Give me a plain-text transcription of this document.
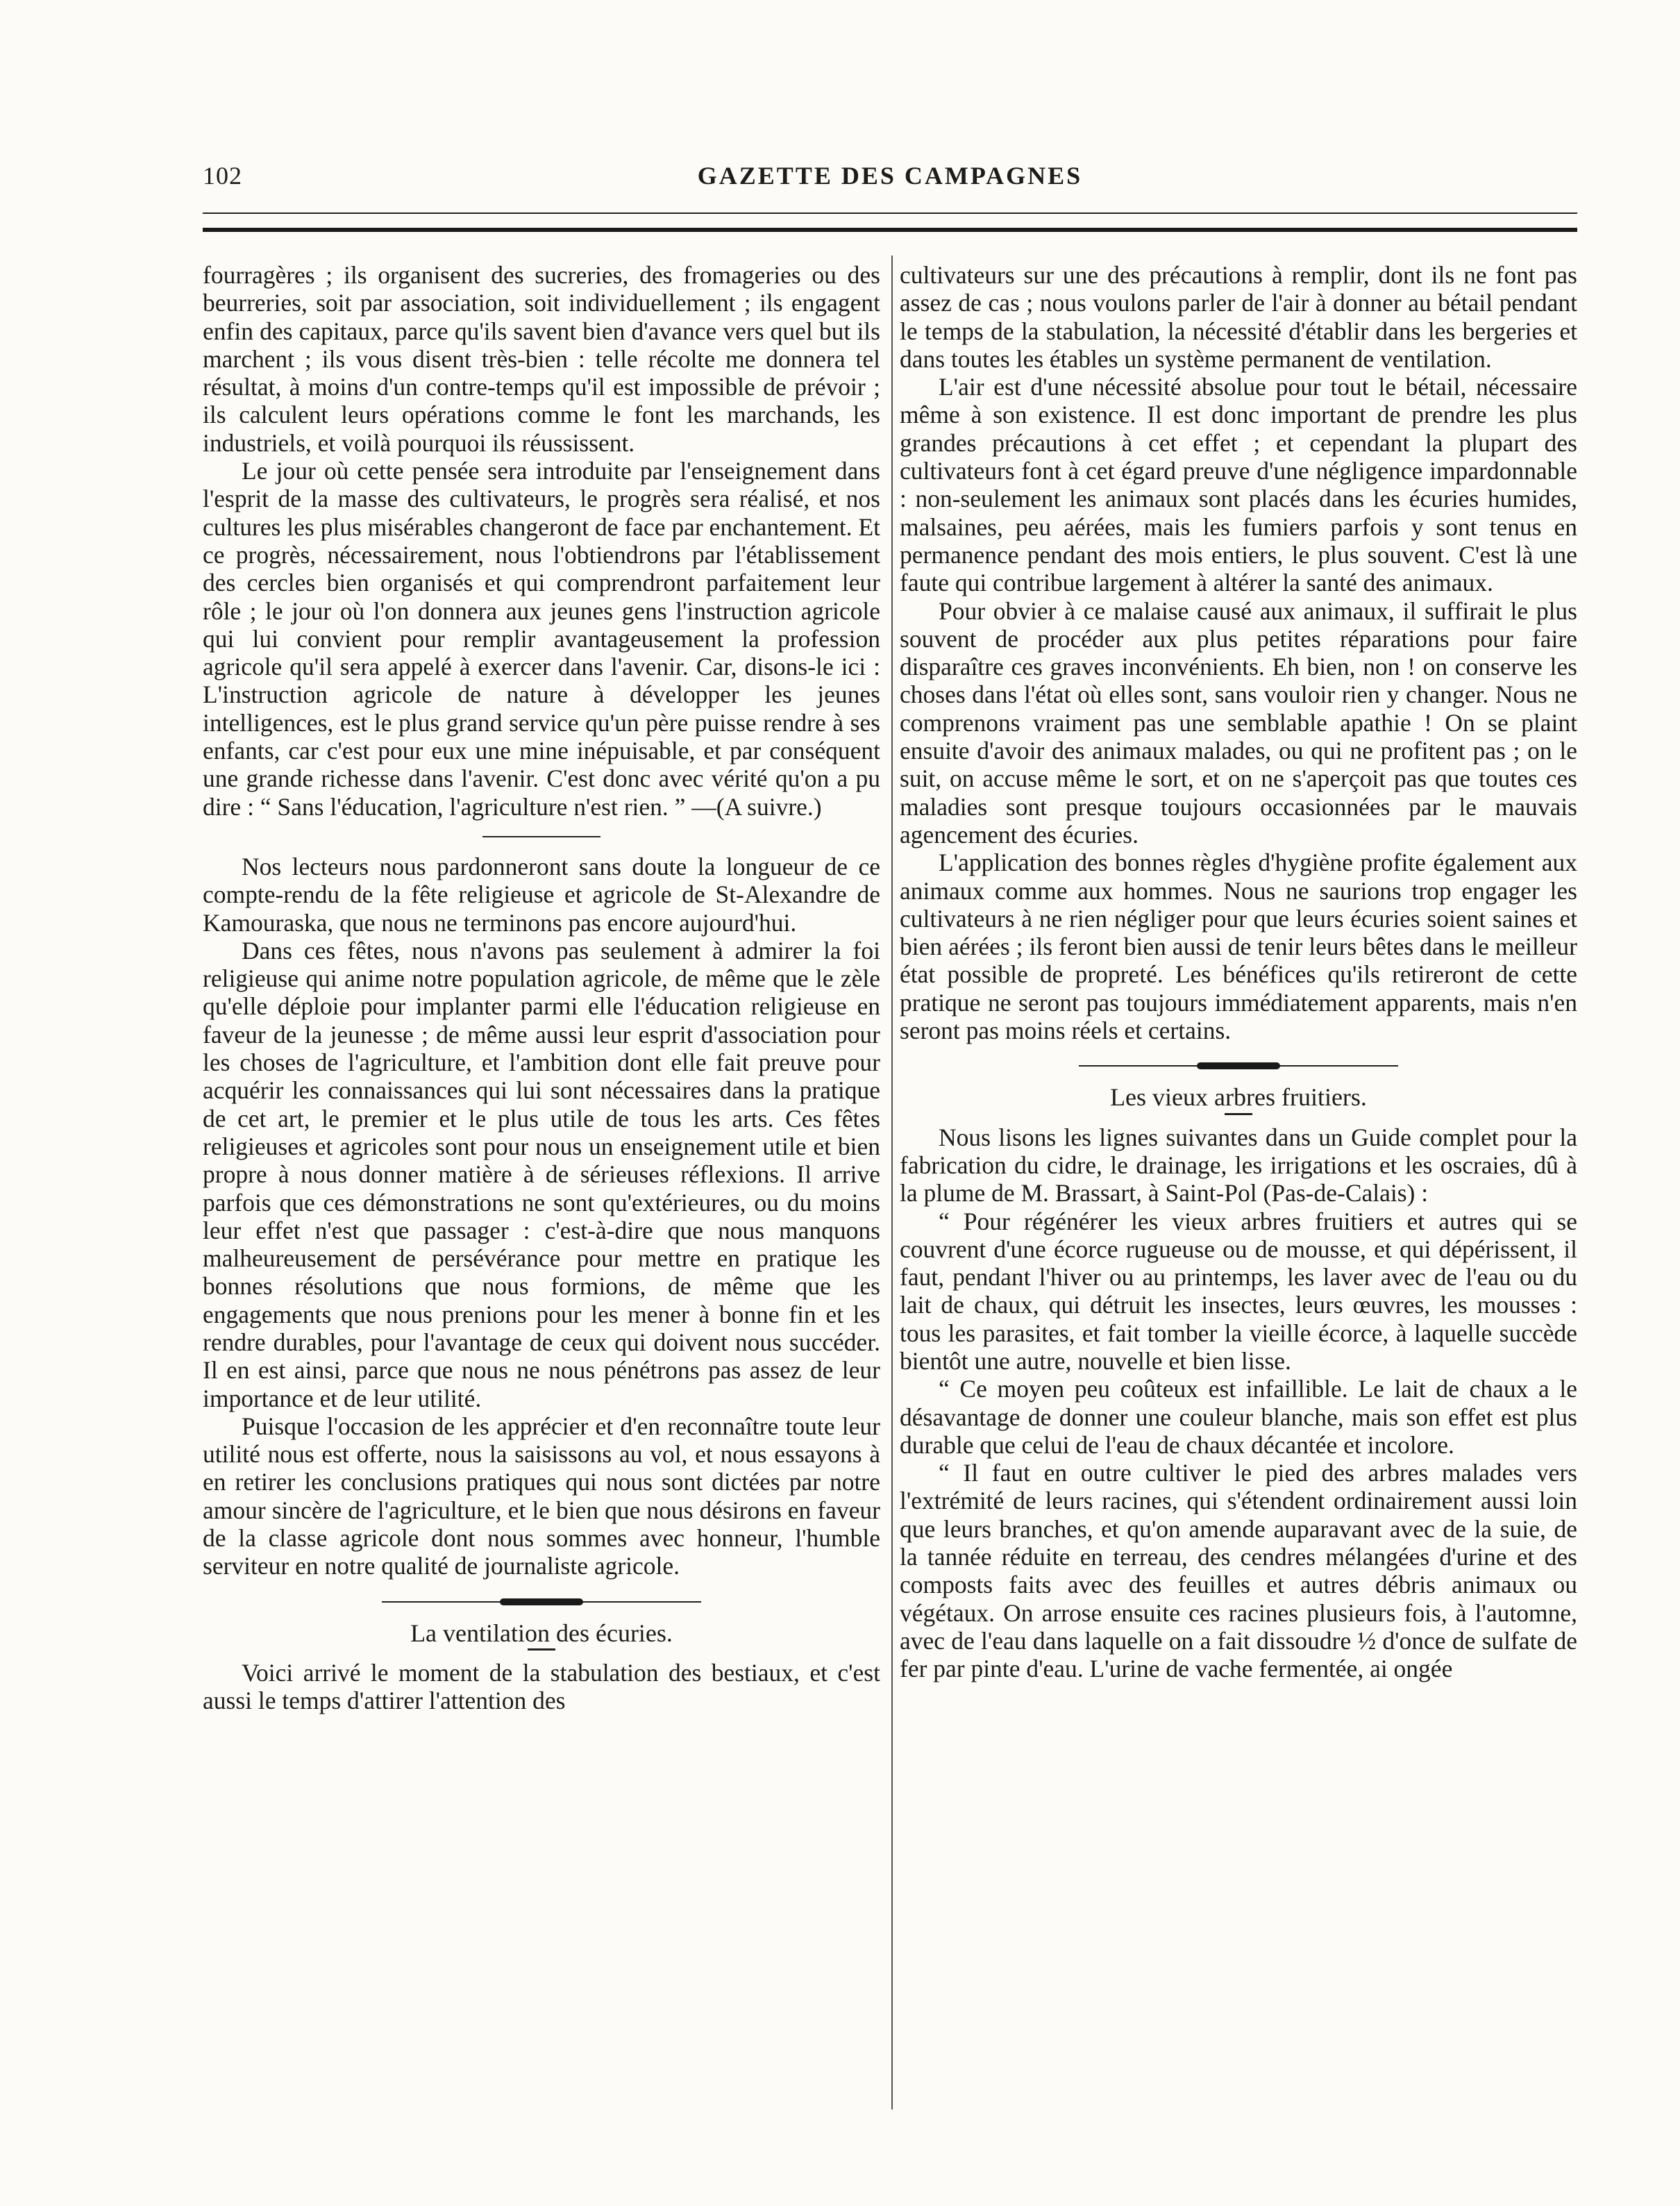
102	GAZETTE DES CAMPAGNES

fourragères ; ils organisent des sucreries, des fromageries ou des beurreries, soit par association, soit individuellement ; ils engagent enfin des capitaux, parce qu'ils savent bien d'avance vers quel but ils marchent ; ils vous disent très-bien : telle récolte me donnera tel résultat, à moins d'un contre-temps qu'il est impossible de prévoir ; ils calculent leurs opérations comme le font les marchands, les industriels, et voilà pourquoi ils réussissent.

Le jour où cette pensée sera introduite par l'enseignement dans l'esprit de la masse des cultivateurs, le progrès sera réalisé, et nos cultures les plus misérables changeront de face par enchantement. Et ce progrès, nécessairement, nous l'obtiendrons par l'établissement des cercles bien organisés et qui comprendront parfaitement leur rôle ; le jour où l'on donnera aux jeunes gens l'instruction agricole qui lui convient pour remplir avantageusement la profession agricole qu'il sera appelé à exercer dans l'avenir. Car, disons-le ici : L'instruction agricole de nature à développer les jeunes intelligences, est le plus grand service qu'un père puisse rendre à ses enfants, car c'est pour eux une mine inépuisable, et par conséquent une grande richesse dans l'avenir. C'est donc avec vérité qu'on a pu dire : “ Sans l'éducation, l'agriculture n'est rien. ” —(A suivre.)

Nos lecteurs nous pardonneront sans doute la longueur de ce compte-rendu de la fête religieuse et agricole de St-Alexandre de Kamouraska, que nous ne terminons pas encore aujourd'hui.

Dans ces fêtes, nous n'avons pas seulement à admirer la foi religieuse qui anime notre population agricole, de même que le zèle qu'elle déploie pour implanter parmi elle l'éducation religieuse en faveur de la jeunesse ; de même aussi leur esprit d'association pour les choses de l'agriculture, et l'ambition dont elle fait preuve pour acquérir les connaissances qui lui sont nécessaires dans la pratique de cet art, le premier et le plus utile de tous les arts. Ces fêtes religieuses et agricoles sont pour nous un enseignement utile et bien propre à nous donner matière à de sérieuses réflexions. Il arrive parfois que ces démonstrations ne sont qu'extérieures, ou du moins leur effet n'est que passager : c'est-à-dire que nous manquons malheureusement de persévérance pour mettre en pratique les bonnes résolutions que nous formions, de même que les engagements que nous prenions pour les mener à bonne fin et les rendre durables, pour l'avantage de ceux qui doivent nous succéder. Il en est ainsi, parce que nous ne nous pénétrons pas assez de leur importance et de leur utilité.

Puisque l'occasion de les apprécier et d'en reconnaître toute leur utilité nous est offerte, nous la saisissons au vol, et nous essayons à en retirer les conclusions pratiques qui nous sont dictées par notre amour sincère de l'agriculture, et le bien que nous désirons en faveur de la classe agricole dont nous sommes avec honneur, l'humble serviteur en notre qualité de journaliste agricole.

La ventilation des écuries.

Voici arrivé le moment de la stabulation des bestiaux, et c'est aussi le temps d'attirer l'attention des

cultivateurs sur une des précautions à remplir, dont ils ne font pas assez de cas ; nous voulons parler de l'air à donner au bétail pendant le temps de la stabulation, la nécessité d'établir dans les bergeries et dans toutes les étables un système permanent de ventilation.

L'air est d'une nécessité absolue pour tout le bétail, nécessaire même à son existence. Il est donc important de prendre les plus grandes précautions à cet effet ; et cependant la plupart des cultivateurs font à cet égard preuve d'une négligence impardonnable : non-seulement les animaux sont placés dans les écuries humides, malsaines, peu aérées, mais les fumiers parfois y sont tenus en permanence pendant des mois entiers, le plus souvent. C'est là une faute qui contribue largement à altérer la santé des animaux.

Pour obvier à ce malaise causé aux animaux, il suffirait le plus souvent de procéder aux plus petites réparations pour faire disparaître ces graves inconvénients. Eh bien, non ! on conserve les choses dans l'état où elles sont, sans vouloir rien y changer. Nous ne comprenons vraiment pas une semblable apathie ! On se plaint ensuite d'avoir des animaux malades, ou qui ne profitent pas ; on le suit, on accuse même le sort, et on ne s'aperçoit pas que toutes ces maladies sont presque toujours occasionnées par le mauvais agencement des écuries.

L'application des bonnes règles d'hygiène profite également aux animaux comme aux hommes. Nous ne saurions trop engager les cultivateurs à ne rien négliger pour que leurs écuries soient saines et bien aérées ; ils feront bien aussi de tenir leurs bêtes dans le meilleur état possible de propreté. Les bénéfices qu'ils retireront de cette pratique ne seront pas toujours immédiatement apparents, mais n'en seront pas moins réels et certains.

Les vieux arbres fruitiers.

Nous lisons les lignes suivantes dans un Guide complet pour la fabrication du cidre, le drainage, les irrigations et les oscraies, dû à la plume de M. Brassart, à Saint-Pol (Pas-de-Calais) :

“ Pour régénérer les vieux arbres fruitiers et autres qui se couvrent d'une écorce rugueuse ou de mousse, et qui dépérissent, il faut, pendant l'hiver ou au printemps, les laver avec de l'eau ou du lait de chaux, qui détruit les insectes, leurs œuvres, les mousses : tous les parasites, et fait tomber la vieille écorce, à laquelle succède bientôt une autre, nouvelle et bien lisse.

“ Ce moyen peu coûteux est infaillible. Le lait de chaux a le désavantage de donner une couleur blanche, mais son effet est plus durable que celui de l'eau de chaux décantée et incolore.

“ Il faut en outre cultiver le pied des arbres malades vers l'extrémité de leurs racines, qui s'étendent ordinairement aussi loin que leurs branches, et qu'on amende auparavant avec de la suie, de la tannée réduite en terreau, des cendres mélangées d'urine et des composts faits avec des feuilles et autres débris animaux ou végétaux. On arrose ensuite ces racines plusieurs fois, à l'automne, avec de l'eau dans laquelle on a fait dissoudre ½ d'once de sulfate de fer par pinte d'eau. L'urine de vache fermentée, ai ongée
